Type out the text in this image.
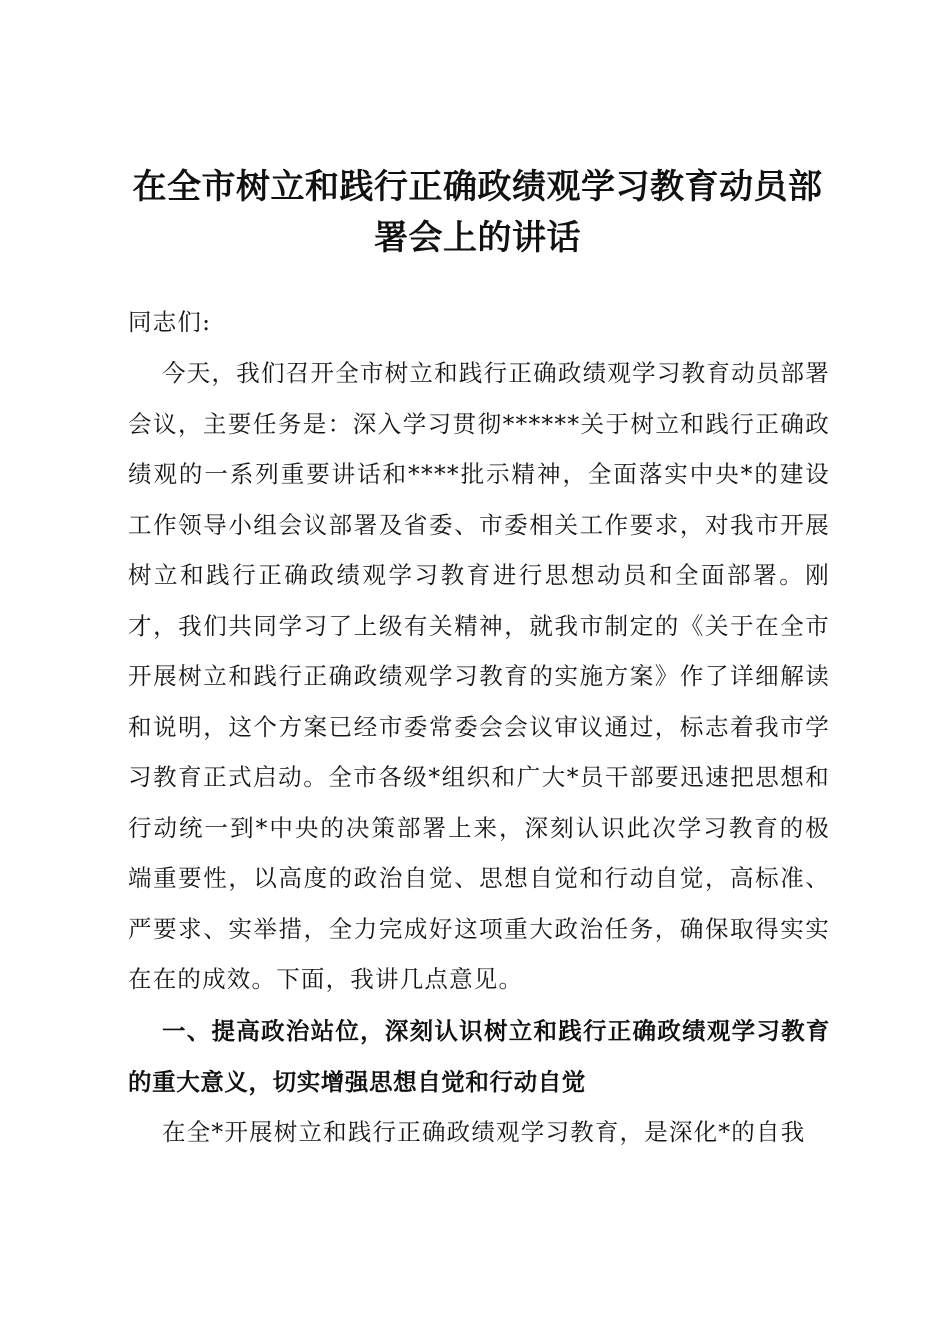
在全市树立和践行正确政绩观学习教育动员部署会上的讲话

同志们:

今天，我们召开全市树立和践行正确政绩观学习教育动员部署会议，主要任务是：深入学习贯彻******关于树立和践行正确政绩观的一系列重要讲话和****批示精神，全面落实中央*的建设工作领导小组会议部署及省委、市委相关工作要求，对我市开展树立和践行正确政绩观学习教育进行思想动员和全面部署。刚才，我们共同学习了上级有关精神，就我市制定的《关于在全市开展树立和践行正确政绩观学习教育的实施方案》作了详细解读和说明，这个方案已经市委常委会会议审议通过，标志着我市学习教育正式启动。全市各级*组织和广大*员干部要迅速把思想和行动统一到*中央的决策部署上来，深刻认识此次学习教育的极端重要性，以高度的政治自觉、思想自觉和行动自觉，高标准、严要求、实举措，全力完成好这项重大政治任务，确保取得实实在在的成效。下面，我讲几点意见。

一、提高政治站位，深刻认识树立和践行正确政绩观学习教育的重大意义，切实增强思想自觉和行动自觉

在全*开展树立和践行正确政绩观学习教育，是深化*的自我
